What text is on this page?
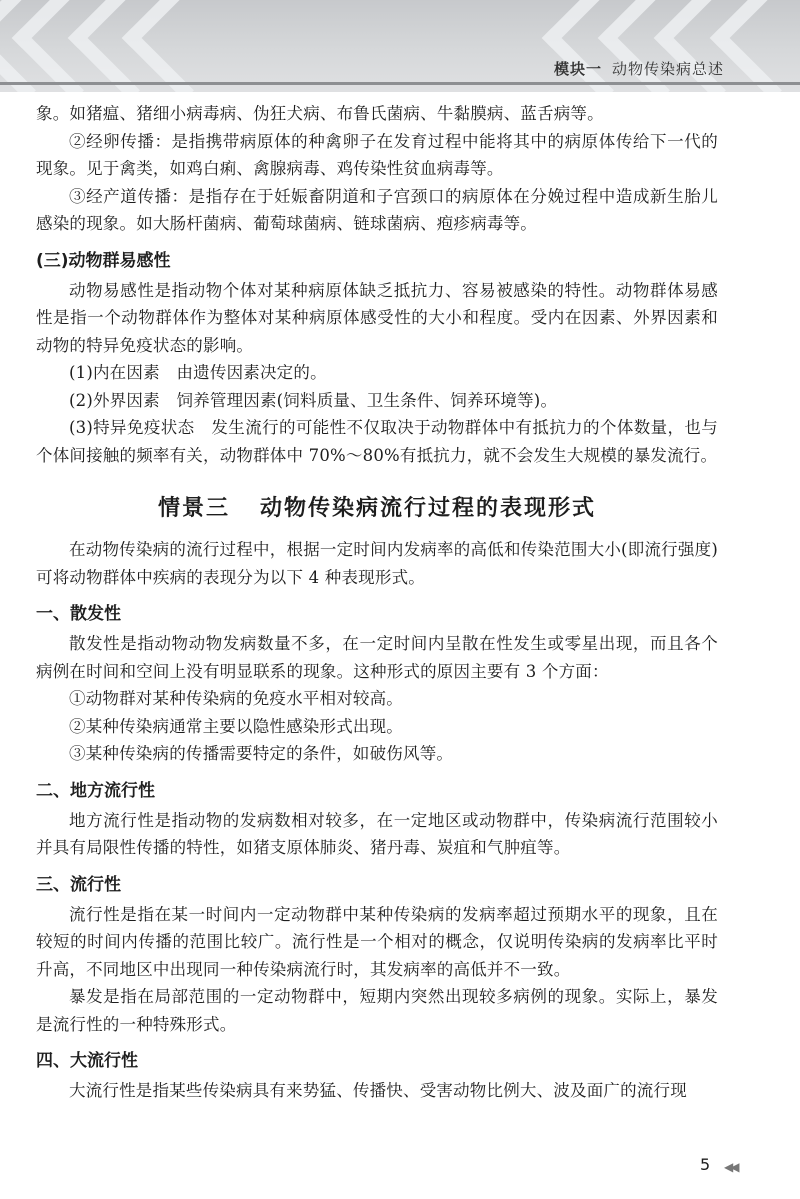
模块一 动物传染病总述

象。如猪瘟、猪细小病毒病、伪狂犬病、布鲁氏菌病、牛黏膜病、蓝舌病等。

②经卵传播：是指携带病原体的种禽卵子在发育过程中能将其中的病原体传给下一代的现象。见于禽类，如鸡白痢、禽腺病毒、鸡传染性贫血病毒等。

③经产道传播：是指存在于妊娠畜阴道和子宫颈口的病原体在分娩过程中造成新生胎儿感染的现象。如大肠杆菌病、葡萄球菌病、链球菌病、疱疹病毒等。

(三)动物群易感性

动物易感性是指动物个体对某种病原体缺乏抵抗力、容易被感染的特性。动物群体易感性是指一个动物群体作为整体对某种病原体感受性的大小和程度。受内在因素、外界因素和动物的特异免疫状态的影响。

(1)内在因素　由遗传因素决定的。

(2)外界因素　饲养管理因素(饲料质量、卫生条件、饲养环境等)。

(3)特异免疫状态　发生流行的可能性不仅取决于动物群体中有抵抗力的个体数量，也与个体间接触的频率有关，动物群体中 70%～80%有抵抗力，就不会发生大规模的暴发流行。

情景三 动物传染病流行过程的表现形式

在动物传染病的流行过程中，根据一定时间内发病率的高低和传染范围大小(即流行强度)可将动物群体中疾病的表现分为以下 4 种表现形式。

一、散发性

散发性是指动物动物发病数量不多，在一定时间内呈散在性发生或零星出现，而且各个病例在时间和空间上没有明显联系的现象。这种形式的原因主要有 3 个方面：

①动物群对某种传染病的免疫水平相对较高。

②某种传染病通常主要以隐性感染形式出现。

③某种传染病的传播需要特定的条件，如破伤风等。

二、地方流行性

地方流行性是指动物的发病数相对较多，在一定地区或动物群中，传染病流行范围较小并具有局限性传播的特性，如猪支原体肺炎、猪丹毒、炭疽和气肿疽等。

三、流行性

流行性是指在某一时间内一定动物群中某种传染病的发病率超过预期水平的现象，且在较短的时间内传播的范围比较广。流行性是一个相对的概念，仅说明传染病的发病率比平时升高，不同地区中出现同一种传染病流行时，其发病率的高低并不一致。

暴发是指在局部范围的一定动物群中，短期内突然出现较多病例的现象。实际上，暴发是流行性的一种特殊形式。

四、大流行性

大流行性是指某些传染病具有来势猛、传播快、受害动物比例大、波及面广的流行现

5 ◀◀
